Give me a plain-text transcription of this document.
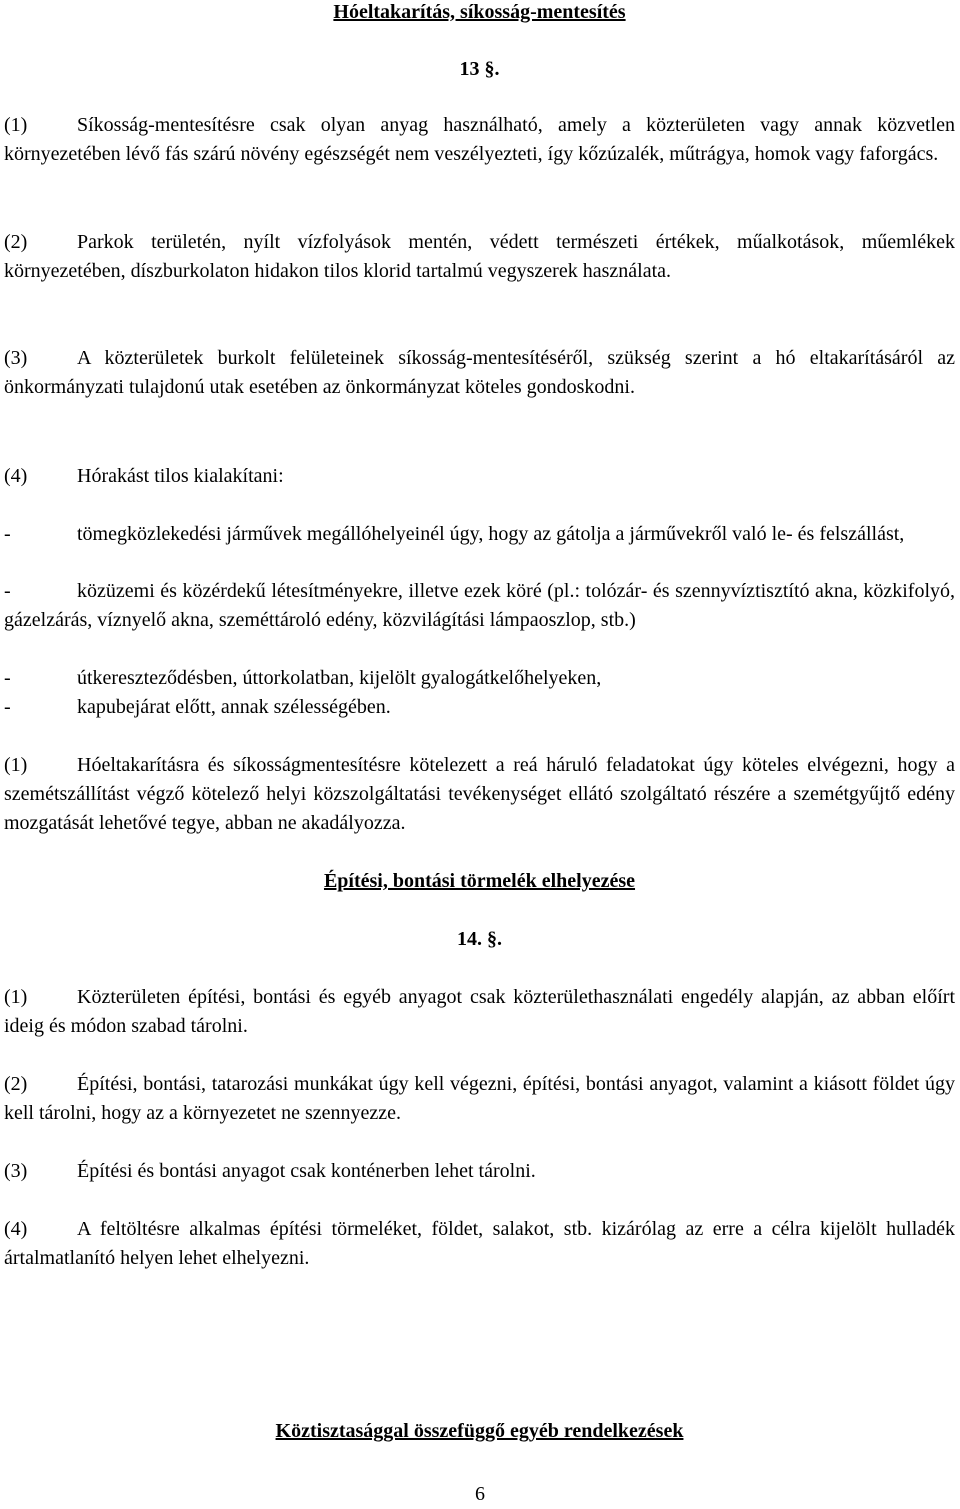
Hóeltakarítás, síkosság-mentesítés
13 §.

(1) Síkosság-mentesítésre csak olyan anyag használható, amely a közterületen vagy annak közvetlen környezetében lévő fás szárú növény egészségét nem veszélyezteti, így kőzúzalék, műtrágya, homok vagy faforgács.

(2) Parkok területén, nyílt vízfolyások mentén, védett természeti értékek, műalkotások, műemlékek környezetében, díszburkolaton hidakon tilos klorid tartalmú vegyszerek használata.

(3) A közterületek burkolt felületeinek síkosság-mentesítéséről, szükség szerint a hó eltakarításáról az önkormányzati tulajdonú utak esetében az önkormányzat köteles gondoskodni.

(4) Hórakást tilos kialakítani:

-	tömegközlekedési járművek megállóhelyeinél úgy, hogy az gátolja a járművekről való le- és felszállást,

-	közüzemi és közérdekű létesítményekre, illetve ezek köré (pl.: tolózár- és szennyvíztisztító akna, közkifolyó, gázelzárás, víznyelő akna, szeméttároló edény, közvilágítási lámpaoszlop, stb.)

-	útkereszteződésben, úttorkolatban, kijelölt gyalogátkelőhelyeken,

-	kapubejárat előtt, annak szélességében.

(1) Hóeltakarításra és síkosságmentesítésre kötelezett a reá háruló feladatokat úgy köteles elvégezni, hogy a szemétszállítást végző kötelező helyi közszolgáltatási tevékenységet ellátó szolgáltató részére a szemétgyűjtő edény mozgatását lehetővé tegye, abban ne akadályozza.

Építési, bontási törmelék elhelyezése
14. §.

(1) Közterületen építési, bontási és egyéb anyagot csak közterülethasználati engedély alapján, az abban előírt ideig és módon szabad tárolni.

(2) Építési, bontási, tatarozási munkákat úgy kell végezni, építési, bontási anyagot, valamint a kiásott földet úgy kell tárolni, hogy az a környezetet ne szennyezze.

(3) Építési és bontási anyagot csak konténerben lehet tárolni.

(4) A feltöltésre alkalmas építési törmeléket, földet, salakot, stb. kizárólag az erre a célra kijelölt hulladék ártalmatlanító helyen lehet elhelyezni.

Köztisztasággal összefüggő egyéb rendelkezések
6
